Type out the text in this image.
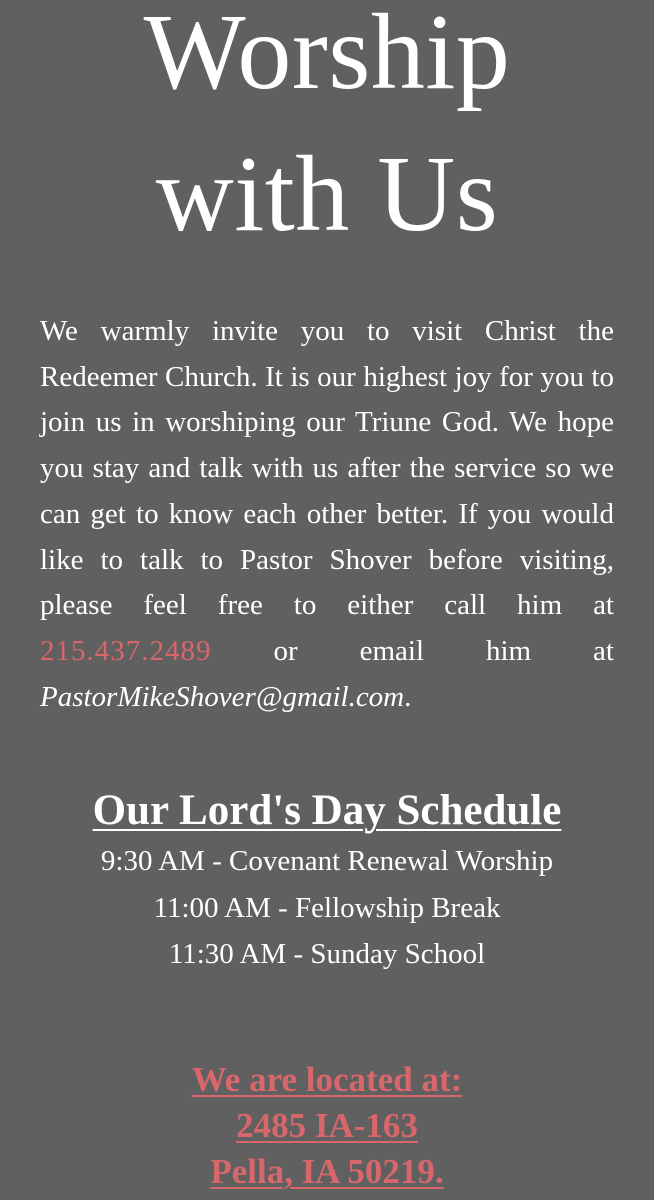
Worship
with Us

We warmly invite you to visit Christ the Redeemer Church. It is our highest joy for you to join us in worshiping our Triune God. We hope you stay and talk with us after the service so we can get to know each other better. If you would like to talk to Pastor Shover before visiting, please feel free to either call him at 215.437.2489 or email him at PastorMikeShover@gmail.com.

Our Lord's Day Schedule
9:30 AM - Covenant Renewal Worship
11:00 AM - Fellowship Break
11:30 AM - Sunday School

We are located at:
2485 IA-163
Pella, IA 50219.
